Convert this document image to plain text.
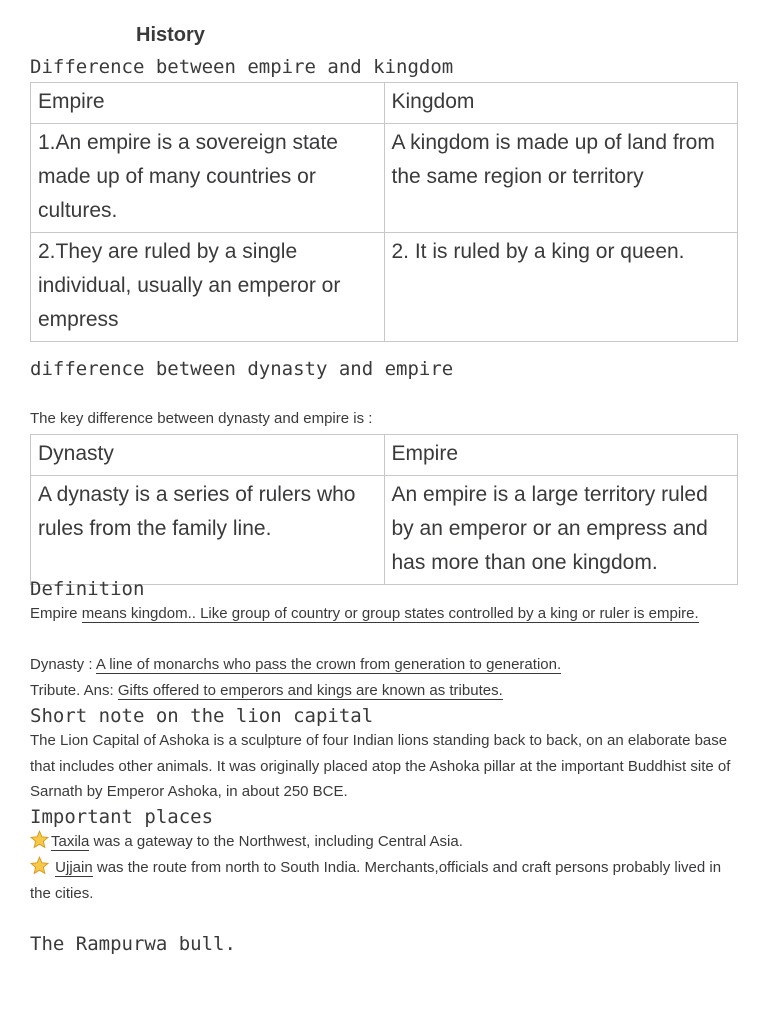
History
Difference between empire and kingdom
Empire	Kingdom
1.An empire is a sovereign state made up of many countries or cultures.	A kingdom is made up of land from the same region or territory
2.They are ruled by a single individual, usually an emperor or empress	2. It is ruled by a king or queen.
difference between dynasty and empire
The key difference between dynasty and empire is :
Dynasty	Empire
A dynasty is a series of rulers who rules from the family line.	An empire is a large territory ruled by an emperor or an empress and has more than one kingdom.
Definition
Empire means kingdom.. Like group of country or group states controlled by a king or ruler is empire.
Dynasty : A line of monarchs who pass the crown from generation to generation.
Tribute. Ans: Gifts offered to emperors and kings are known as tributes.
Short note on the lion capital
The Lion Capital of Ashoka is a sculpture of four Indian lions standing back to back, on an elaborate base that includes other animals. It was originally placed atop the Ashoka pillar at the important Buddhist site of Sarnath by Emperor Ashoka, in about 250 BCE.
Important places
Taxila was a gateway to the Northwest, including Central Asia.
Ujjain was the route from north to South India. Merchants,officials and craft persons probably lived in the cities.
The Rampurwa bull.
